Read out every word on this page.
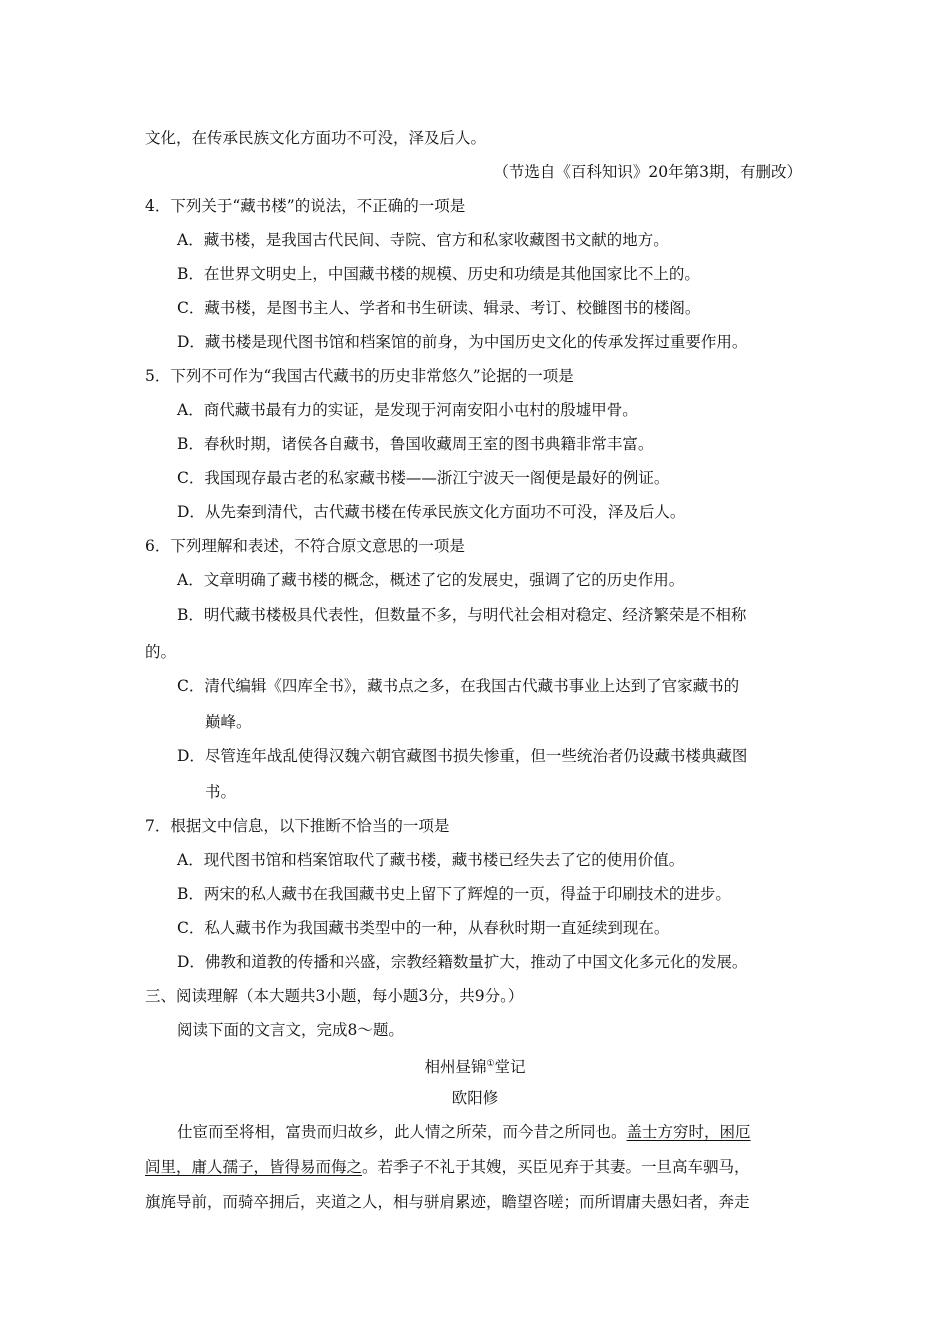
文化，在传承民族文化方面功不可没，泽及后人。
（节选自《百科知识》20年第3期，有删改）
4．下列关于“藏书楼”的说法，不正确的一项是
A．藏书楼，是我国古代民间、寺院、官方和私家收藏图书文献的地方。
B．在世界文明史上，中国藏书楼的规模、历史和功绩是其他国家比不上的。
C．藏书楼，是图书主人、学者和书生研读、辑录、考订、校雠图书的楼阁。
D．藏书楼是现代图书馆和档案馆的前身，为中国历史文化的传承发挥过重要作用。
5．下列不可作为“我国古代藏书的历史非常悠久”论据的一项是
A．商代藏书最有力的实证，是发现于河南安阳小屯村的殷墟甲骨。
B．春秋时期，诸侯各自藏书，鲁国收藏周王室的图书典籍非常丰富。
C．我国现存最古老的私家藏书楼——浙江宁波天一阁便是最好的例证。
D．从先秦到清代，古代藏书楼在传承民族文化方面功不可没，泽及后人。
6．下列理解和表述，不符合原文意思的一项是
A．文章明确了藏书楼的概念，概述了它的发展史，强调了它的历史作用。
B．明代藏书楼极具代表性，但数量不多，与明代社会相对稳定、经济繁荣是不相称
的。
C．清代编辑《四库全书》，藏书点之多，在我国古代藏书事业上达到了官家藏书的
巅峰。
D．尽管连年战乱使得汉魏六朝官藏图书损失惨重，但一些统治者仍设藏书楼典藏图
书。
7．根据文中信息，以下推断不恰当的一项是
A．现代图书馆和档案馆取代了藏书楼，藏书楼已经失去了它的使用价值。
B．两宋的私人藏书在我国藏书史上留下了辉煌的一页，得益于印刷技术的进步。
C．私人藏书作为我国藏书类型中的一种，从春秋时期一直延续到现在。
D．佛教和道教的传播和兴盛，宗教经籍数量扩大，推动了中国文化多元化的发展。
三、阅读理解（本大题共3小题，每小题3分，共9分。）
阅读下面的文言文，完成8～题。
相州昼锦①堂记
欧阳修
仕宦而至将相，富贵而归故乡，此人情之所荣，而今昔之所同也。盖士方穷时，困厄
闾里，庸人孺子，皆得易而侮之。若季子不礼于其嫂，买臣见弃于其妻。一旦高车驷马，
旗旄导前，而骑卒拥后，夹道之人，相与骈肩累迹，瞻望咨嗟；而所谓庸夫愚妇者，奔走
